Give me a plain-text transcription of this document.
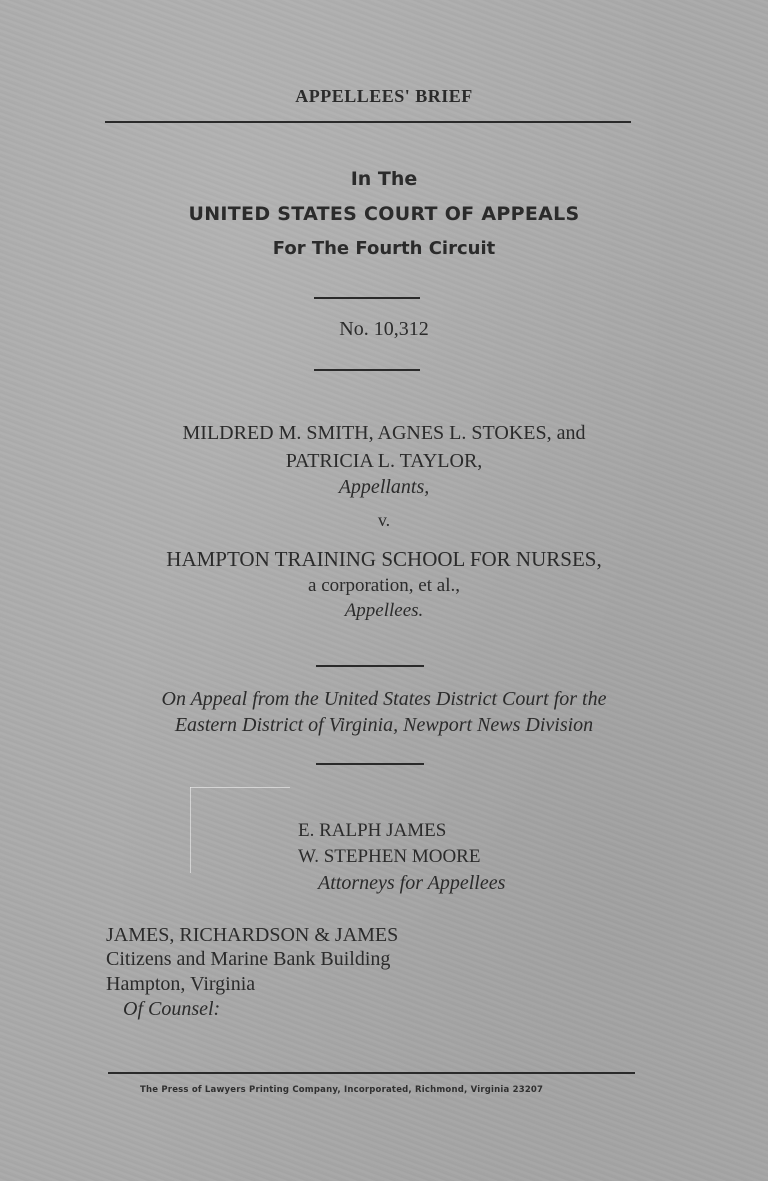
APPELLEES' BRIEF
In The
UNITED STATES COURT OF APPEALS
For The Fourth Circuit
No. 10,312
MILDRED M. SMITH, AGNES L. STOKES, and
PATRICIA L. TAYLOR,
Appellants,
v.
HAMPTON TRAINING SCHOOL FOR NURSES,
a corporation, et al.,
Appellees.
On Appeal from the United States District Court for the
Eastern District of Virginia, Newport News Division
E. RALPH JAMES
W. STEPHEN MOORE
Attorneys for Appellees
JAMES, RICHARDSON & JAMES
Citizens and Marine Bank Building
Hampton, Virginia
Of Counsel:
The Press of Lawyers Printing Company, Incorporated, Richmond, Virginia 23207
